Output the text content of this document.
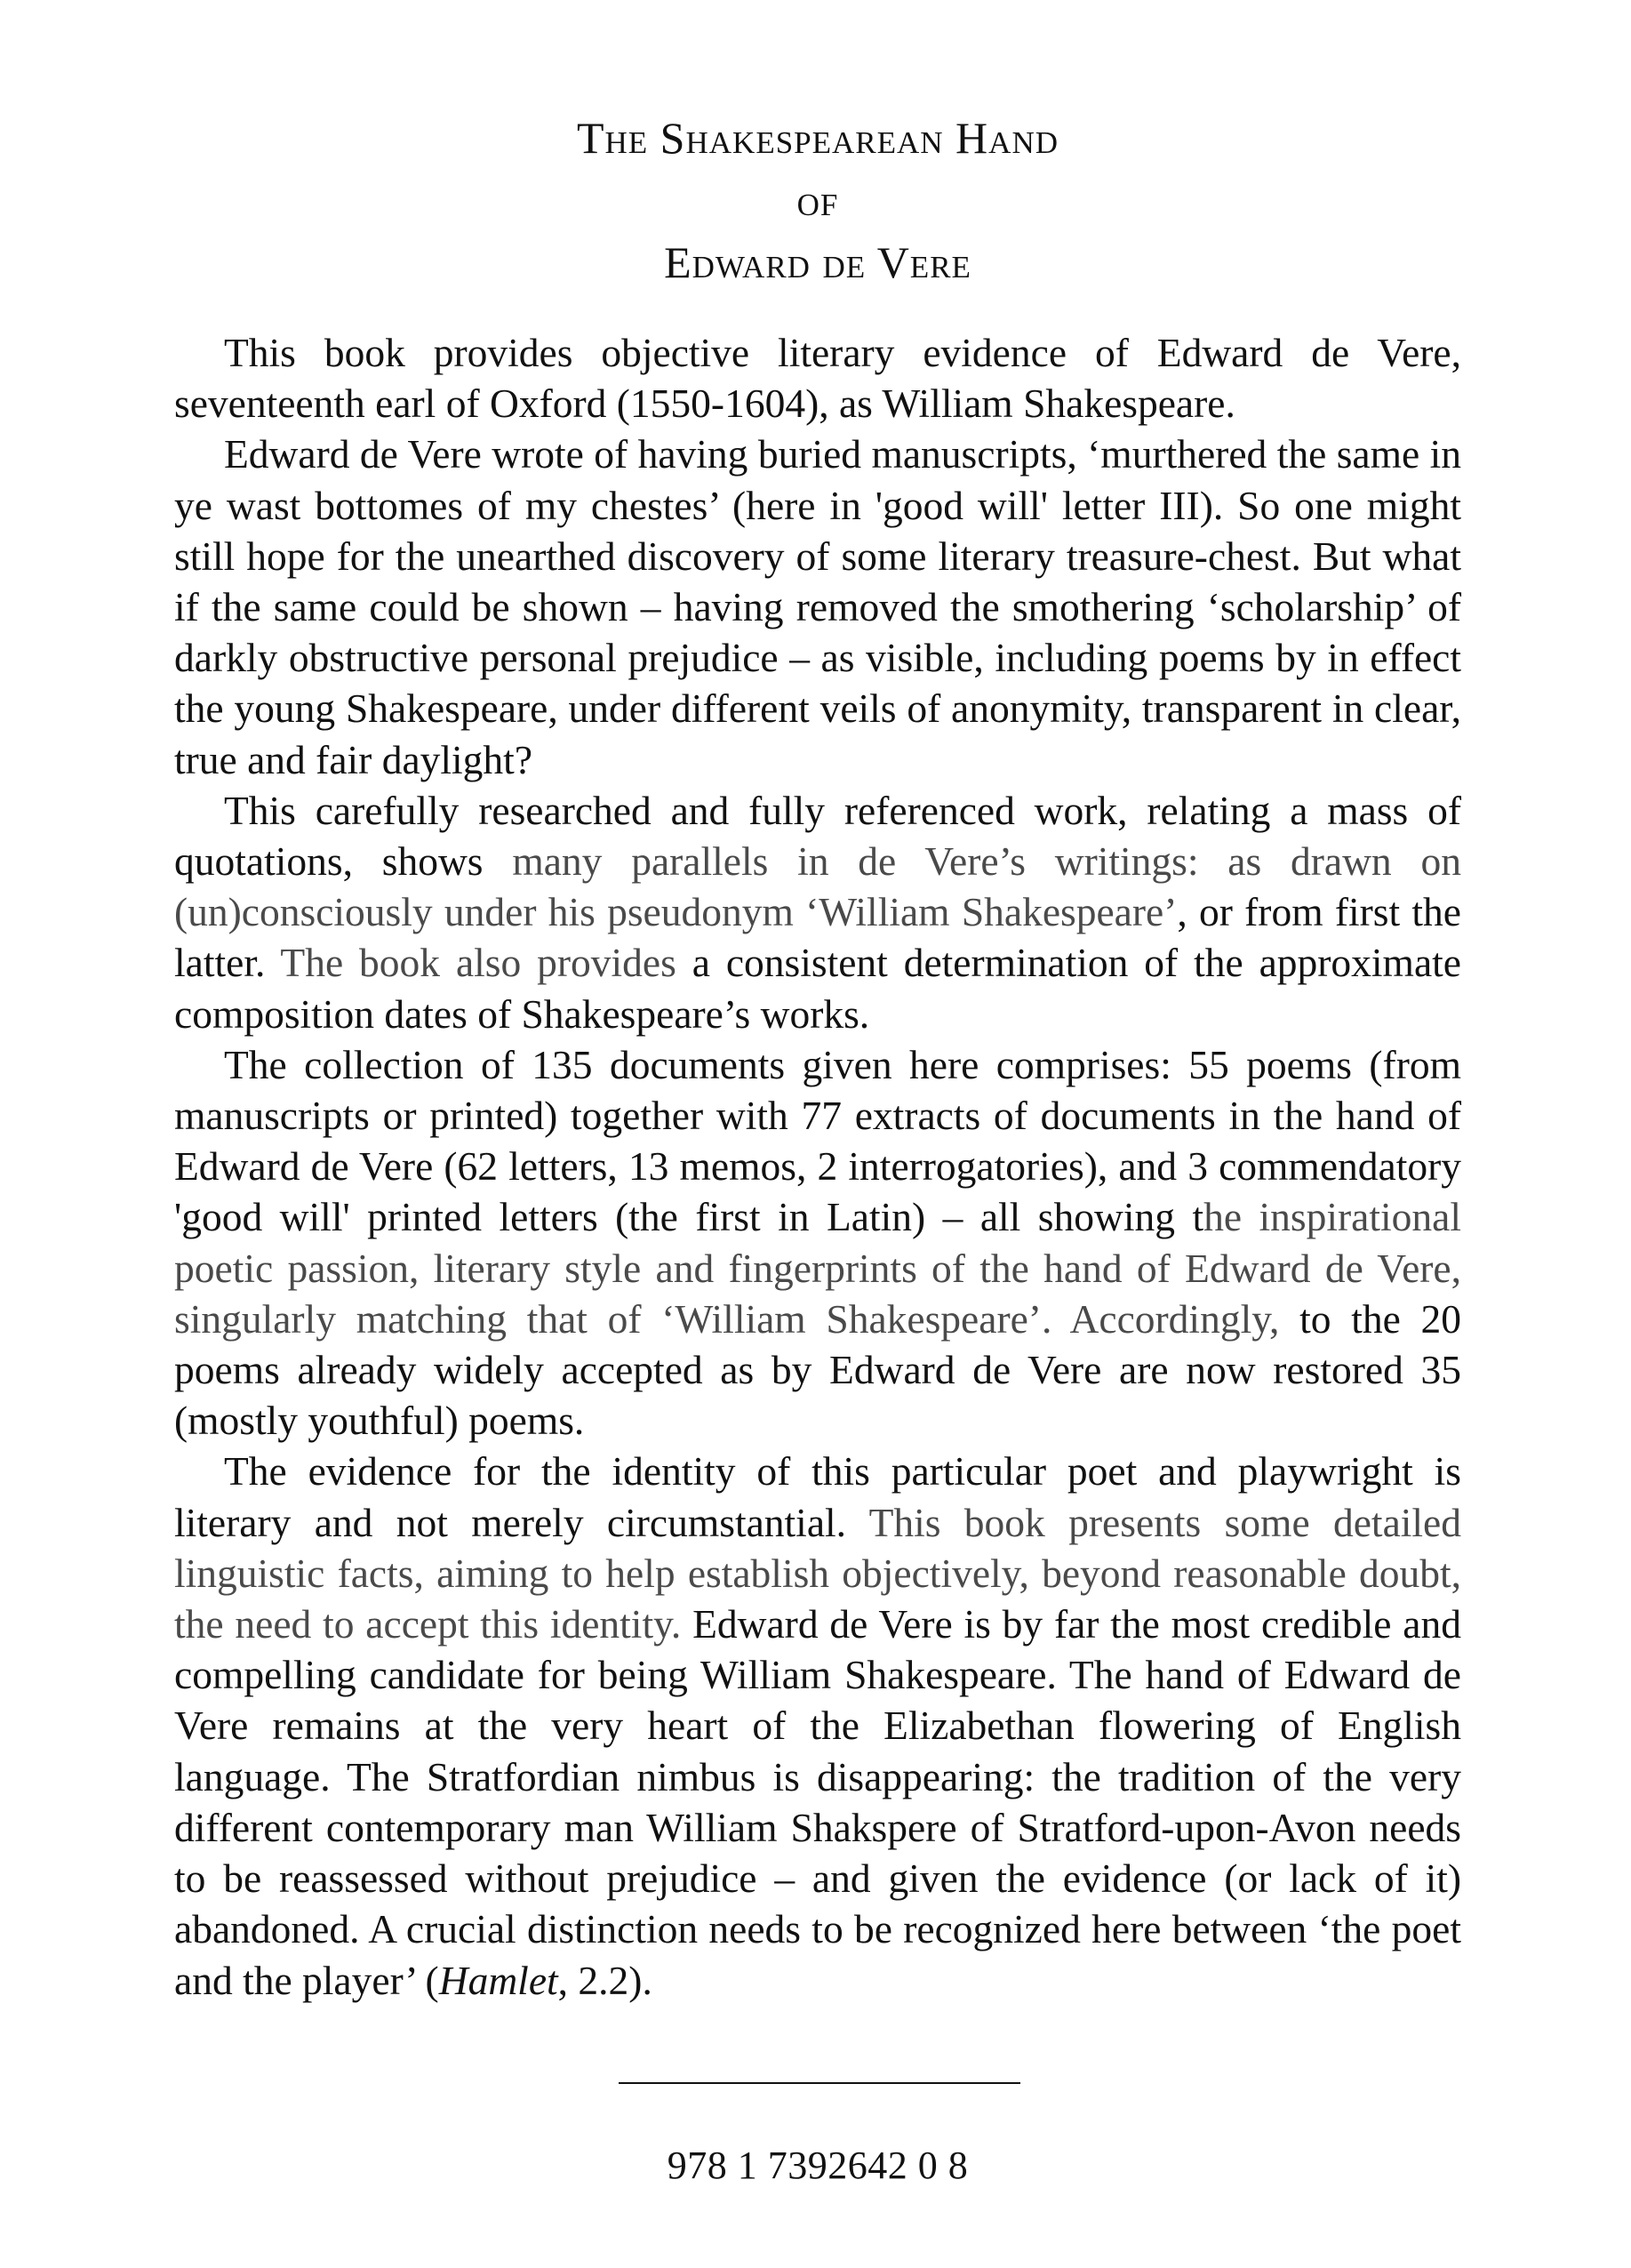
The Shakespearean Hand
of
Edward de Vere

This book provides objective literary evidence of Edward de Vere, seventeenth earl of Oxford (1550-1604), as William Shakespeare.

Edward de Vere wrote of having buried manuscripts, ‘murthered the same in ye wast bottomes of my chestes’ (here in 'good will' letter III). So one might still hope for the unearthed discovery of some literary treasure-chest. But what if the same could be shown – having removed the smothering ‘scholarship’ of darkly obstructive personal prejudice – as visible, including poems by in effect the young Shakespeare, under different veils of anonymity, transparent in clear, true and fair daylight?

This carefully researched and fully referenced work, relating a mass of quotations, shows many parallels in de Vere’s writings: as drawn on (un)consciously under his pseudonym ‘William Shakespeare’, or from first the latter. The book also provides a consistent determination of the approximate composition dates of Shakespeare’s works.

The collection of 135 documents given here comprises: 55 poems (from manuscripts or printed) together with 77 extracts of documents in the hand of Edward de Vere (62 letters, 13 memos, 2 interrogatories), and 3 commendatory 'good will' printed letters (the first in Latin) – all showing the inspirational poetic passion, literary style and fingerprints of the hand of Edward de Vere, singularly matching that of ‘William Shakespeare’. Accordingly, to the 20 poems already widely accepted as by Edward de Vere are now restored 35 (mostly youthful) poems.

The evidence for the identity of this particular poet and playwright is literary and not merely circumstantial. This book presents some detailed linguistic facts, aiming to help establish objectively, beyond reasonable doubt, the need to accept this identity. Edward de Vere is by far the most credible and compelling candidate for being William Shakespeare. The hand of Edward de Vere remains at the very heart of the Elizabethan flowering of English language. The Stratfordian nimbus is disappearing: the tradition of the very different contemporary man William Shakspere of Stratford-upon-Avon needs to be reassessed without prejudice – and given the evidence (or lack of it) abandoned. A crucial distinction needs to be recognized here between ‘the poet and the player’ (Hamlet, 2.2).

978 1 7392642 0 8
